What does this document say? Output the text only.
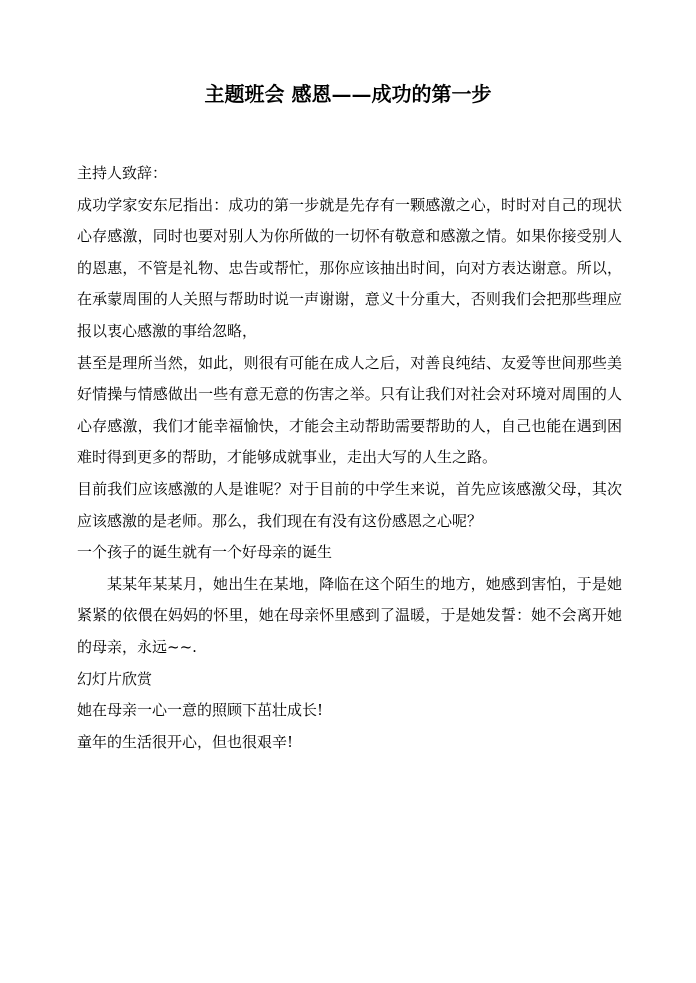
主题班会 感恩——成功的第一步

主持人致辞：

成功学家安东尼指出：成功的第一步就是先存有一颗感激之心，时时对自己的现状心存感激，同时也要对别人为你所做的一切怀有敬意和感激之情。如果你接受别人的恩惠，不管是礼物、忠告或帮忙，那你应该抽出时间，向对方表达谢意。所以，在承蒙周围的人关照与帮助时说一声谢谢，意义十分重大，否则我们会把那些理应报以衷心感激的事给忽略，

甚至是理所当然，如此，则很有可能在成人之后，对善良纯结、友爱等世间那些美好情操与情感做出一些有意无意的伤害之举。只有让我们对社会对环境对周围的人心存感激，我们才能幸福愉快，才能会主动帮助需要帮助的人，自己也能在遇到困难时得到更多的帮助，才能够成就事业，走出大写的人生之路。

目前我们应该感激的人是谁呢？对于目前的中学生来说，首先应该感激父母，其次应该感激的是老师。那么，我们现在有没有这份感恩之心呢？

一个孩子的诞生就有一个好母亲的诞生

某某年某某月，她出生在某地，降临在这个陌生的地方，她感到害怕，于是她紧紧的依偎在妈妈的怀里，她在母亲怀里感到了温暖，于是她发誓：她不会离开她的母亲，永远~~.

幻灯片欣赏

她在母亲一心一意的照顾下茁壮成长!

童年的生活很开心，但也很艰辛!
